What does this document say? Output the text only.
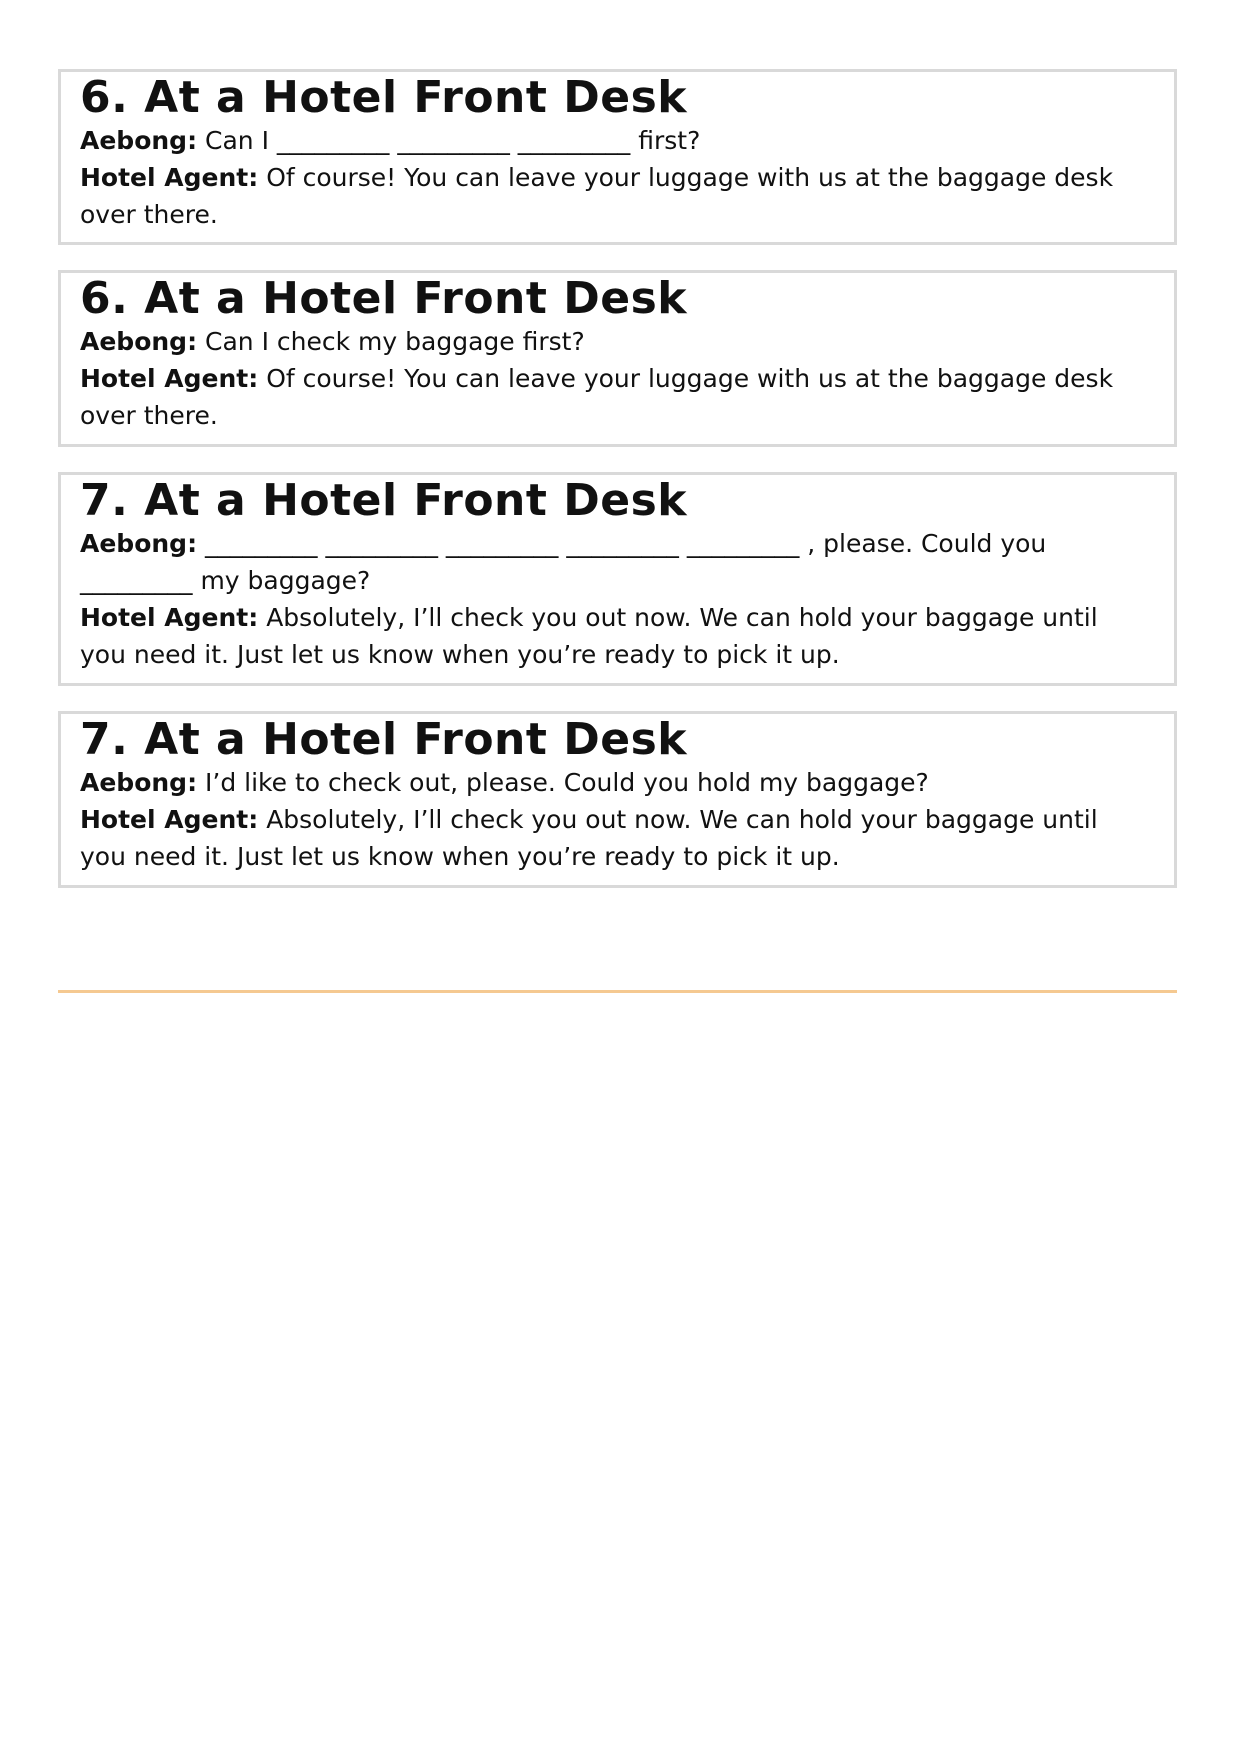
6. At a Hotel Front Desk

Aebong: Can I _________ _________ _________ first?

Hotel Agent: Of course! You can leave your luggage with us at the baggage desk over there.

6. At a Hotel Front Desk

Aebong: Can I check my baggage first?

Hotel Agent: Of course! You can leave your luggage with us at the baggage desk over there.

7. At a Hotel Front Desk

Aebong: _________ _________ _________ _________ _________ , please. Could you _________ my baggage?

Hotel Agent: Absolutely, I’ll check you out now. We can hold your baggage until you need it. Just let us know when you’re ready to pick it up.

7. At a Hotel Front Desk

Aebong: I’d like to check out, please. Could you hold my baggage?

Hotel Agent: Absolutely, I’ll check you out now. We can hold your baggage until you need it. Just let us know when you’re ready to pick it up.
